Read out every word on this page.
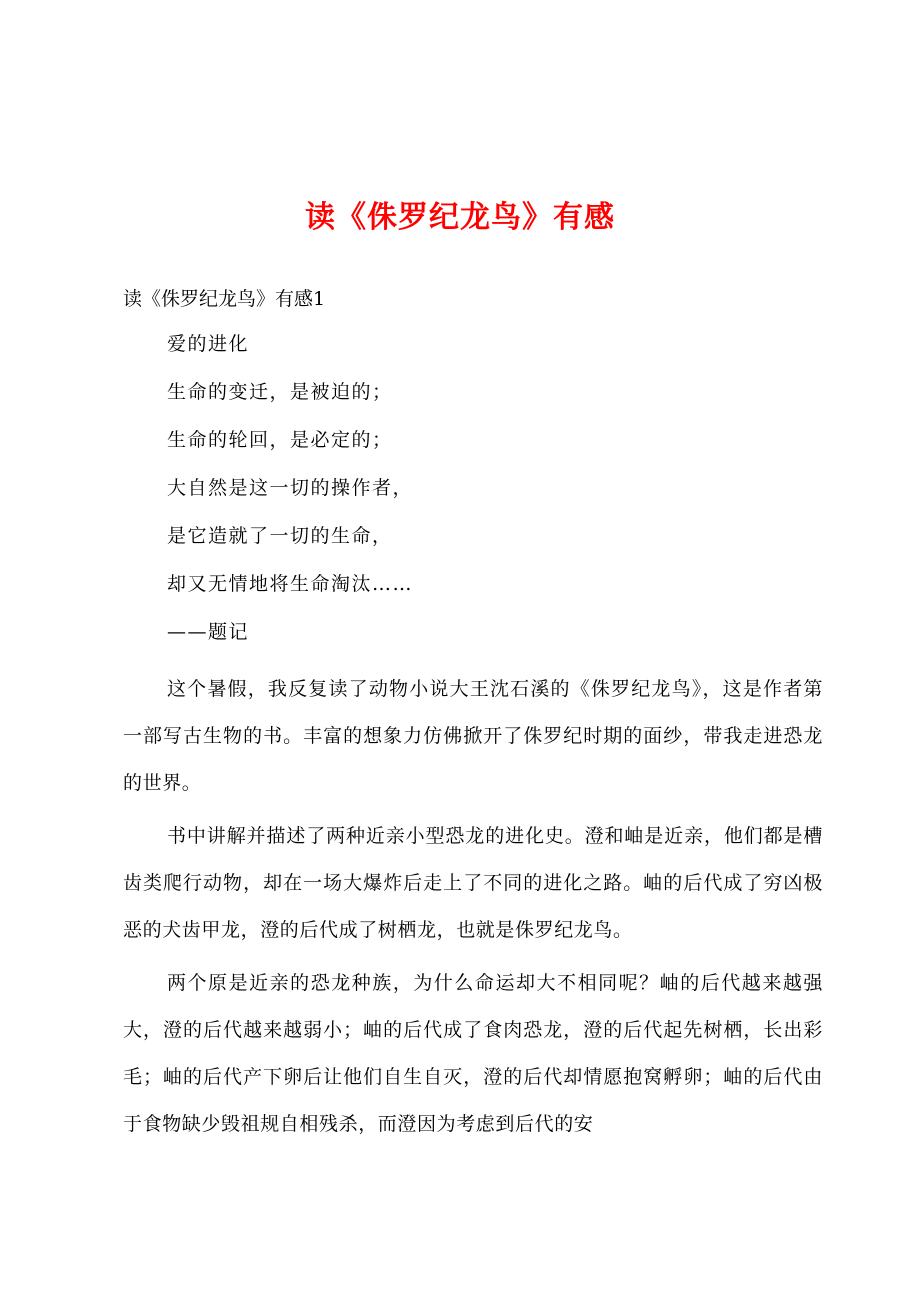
读《侏罗纪龙鸟》有感
读《侏罗纪龙鸟》有感1
爱的进化
生命的变迁，是被迫的；
生命的轮回，是必定的；
大自然是这一切的操作者，
是它造就了一切的生命，
却又无情地将生命淘汰……
——题记

这个暑假，我反复读了动物小说大王沈石溪的《侏罗纪龙鸟》，这是作者第一部写古生物的书。丰富的想象力仿佛掀开了侏罗纪时期的面纱，带我走进恐龙的世界。

书中讲解并描述了两种近亲小型恐龙的进化史。澄和岫是近亲，他们都是槽齿类爬行动物，却在一场大爆炸后走上了不同的进化之路。岫的后代成了穷凶极恶的犬齿甲龙，澄的后代成了树栖龙，也就是侏罗纪龙鸟。

两个原是近亲的恐龙种族，为什么命运却大不相同呢？岫的后代越来越强大，澄的后代越来越弱小；岫的后代成了食肉恐龙，澄的后代起先树栖，长出彩毛；岫的后代产下卵后让他们自生自灭，澄的后代却情愿抱窝孵卵；岫的后代由于食物缺少毁祖规自相残杀，而澄因为考虑到后代的安
